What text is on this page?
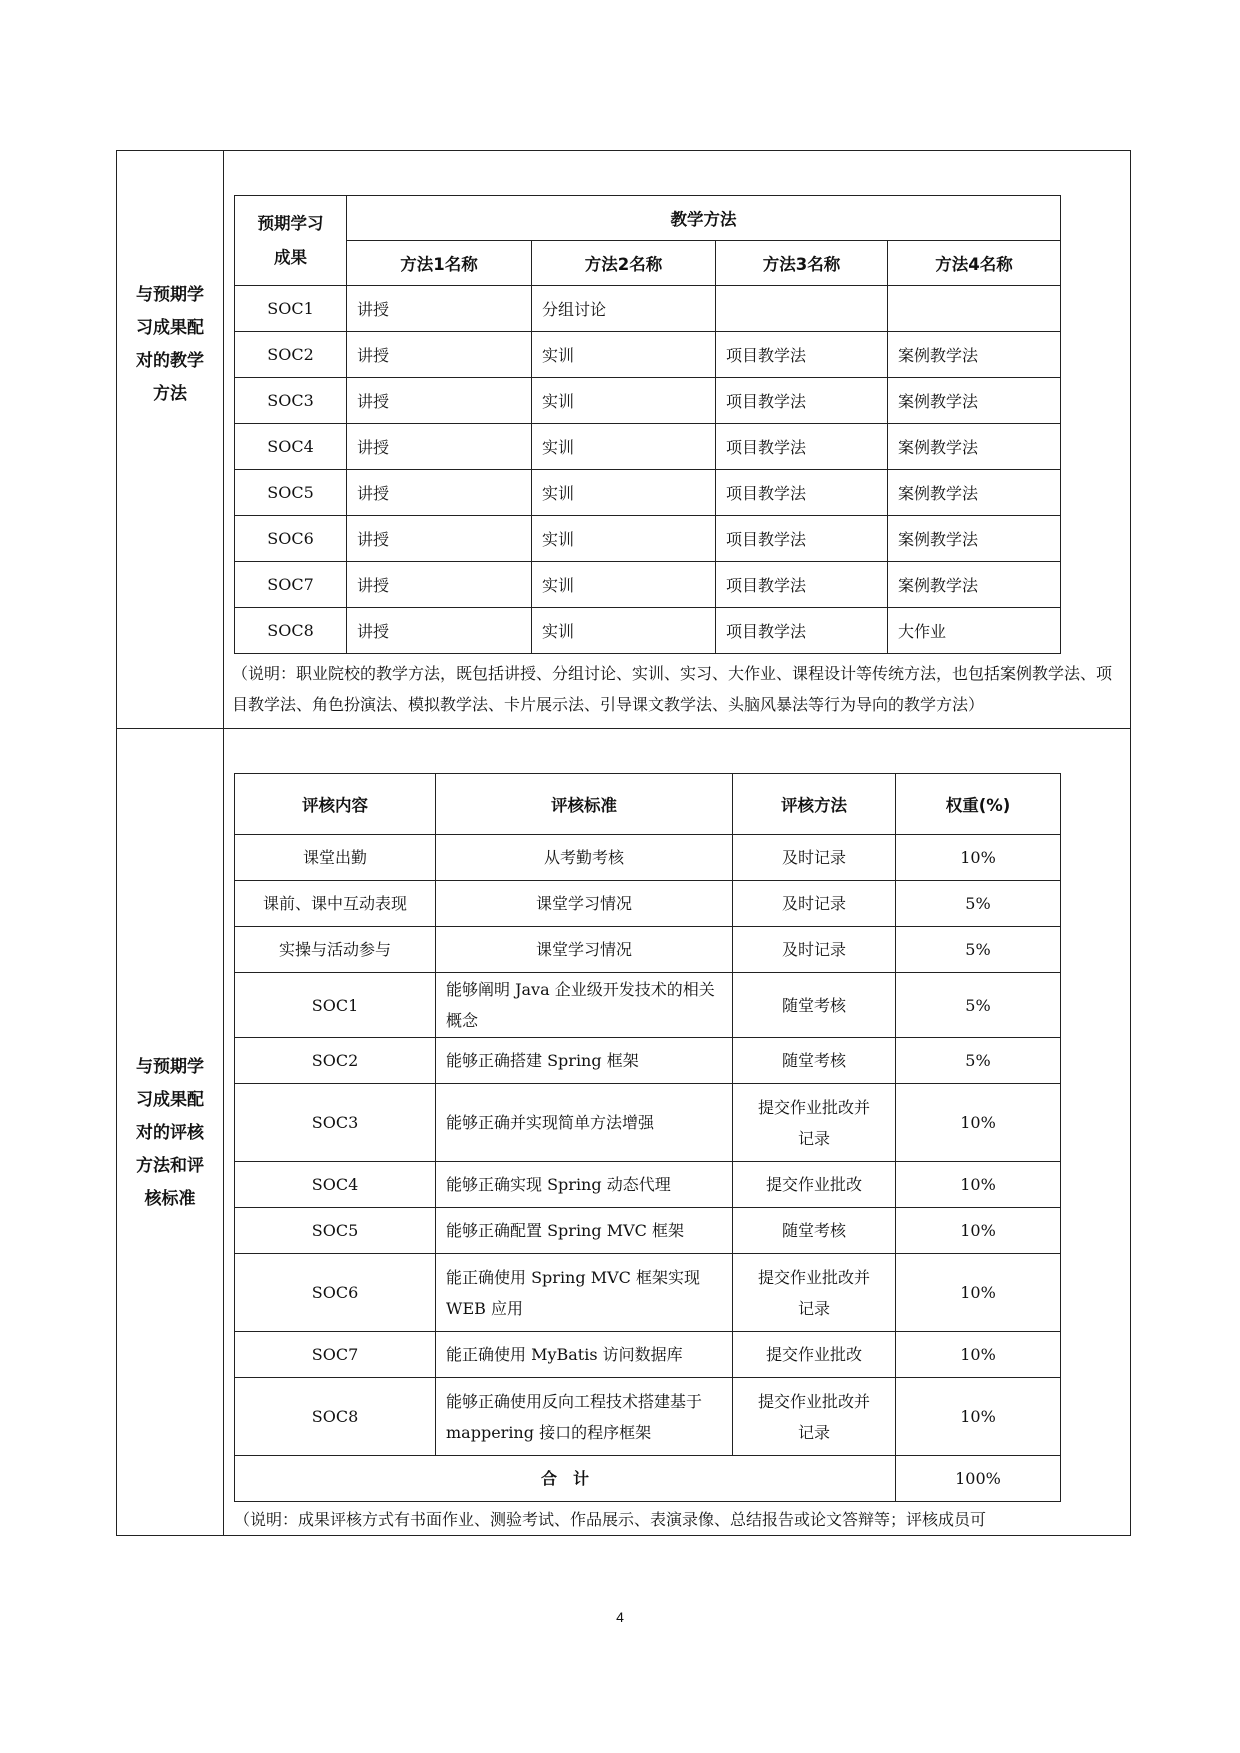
与预期学
习成果配
对的教学
方法

预期学习
成果
	教学方法
方法1名称	方法2名称	方法3名称	方法4名称
SOC1	讲授	分组讨论		
SOC2	讲授	实训	项目教学法	案例教学法
SOC3	讲授	实训	项目教学法	案例教学法
SOC4	讲授	实训	项目教学法	案例教学法
SOC5	讲授	实训	项目教学法	案例教学法
SOC6	讲授	实训	项目教学法	案例教学法
SOC7	讲授	实训	项目教学法	案例教学法
SOC8	讲授	实训	项目教学法	大作业
（说明：职业院校的教学方法，既包括讲授、分组讨论、实训、实习、大作业、课程设计等传统方法，也包括案例教学法、项目教学法、角色扮演法、模拟教学法、卡片展示法、引导课文教学法、头脑风暴法等行为导向的教学方法）

与预期学
习成果配
对的评核
方法和评
核标准

评核内容	评核标准	评核方法	权重(%)
课堂出勤	从考勤考核	及时记录	10%
课前、课中互动表现	课堂学习情况	及时记录	5%
实操与活动参与	课堂学习情况	及时记录	5%
SOC1	能够阐明 Java 企业级开发技术的相关概念	随堂考核	5%
SOC2	能够正确搭建 Spring 框架	随堂考核	5%
SOC3	能够正确并实现简单方法增强	提交作业批改并记录	10%
SOC4	能够正确实现 Spring 动态代理	提交作业批改	10%
SOC5	能够正确配置 Spring MVC 框架	随堂考核	10%
SOC6	能正确使用 Spring MVC 框架实现 WEB 应用	提交作业批改并记录	10%
SOC7	能正确使用 MyBatis 访问数据库	提交作业批改	10%
SOC8	能够正确使用反向工程技术搭建基于 mappering 接口的程序框架	提交作业批改并记录	10%
合　计	100%
（说明：成果评核方式有书面作业、测验考试、作品展示、表演录像、总结报告或论文答辩等；评核成员可
4
